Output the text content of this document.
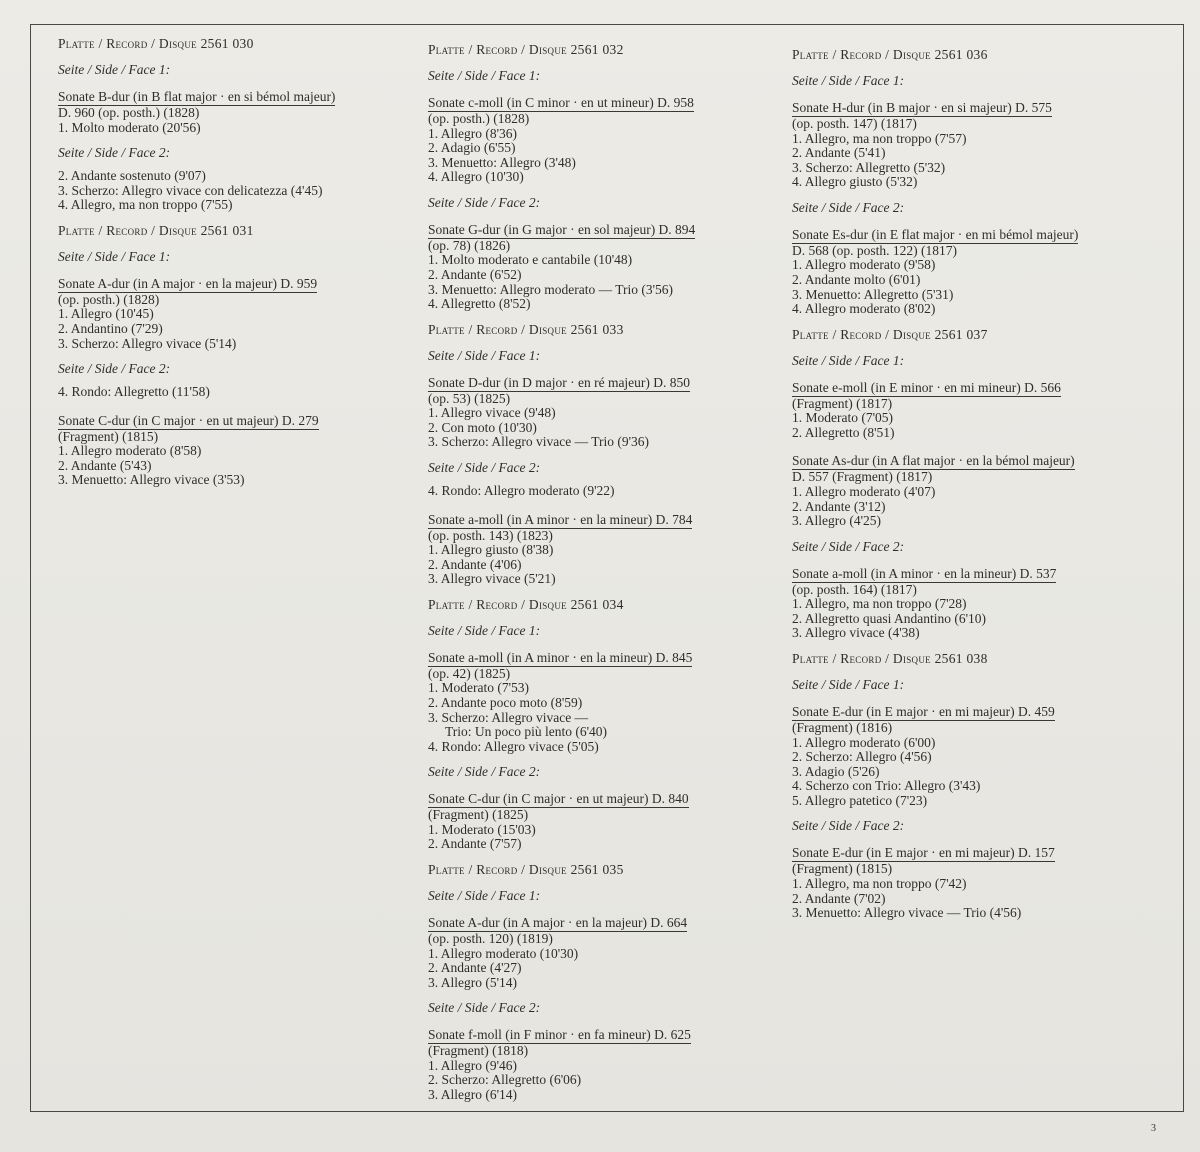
Platte / Record / Disque 2561 030
Seite / Side / Face 1:
Sonate B-dur (in B flat major · en si bémol majeur)
D. 960 (op. posth.) (1828)
1. Molto moderato (20'56)
Seite / Side / Face 2:
2. Andante sostenuto (9'07)
3. Scherzo: Allegro vivace con delicatezza (4'45)
4. Allegro, ma non troppo (7'55)
Platte / Record / Disque 2561 031
Seite / Side / Face 1:
Sonate A-dur (in A major · en la majeur) D. 959
(op. posth.) (1828)
1. Allegro (10'45)
2. Andantino (7'29)
3. Scherzo: Allegro vivace (5'14)
Seite / Side / Face 2:
4. Rondo: Allegretto (11'58)
Sonate C-dur (in C major · en ut majeur) D. 279
(Fragment) (1815)
1. Allegro moderato (8'58)
2. Andante (5'43)
3. Menuetto: Allegro vivace (3'53)
Platte / Record / Disque 2561 032
Seite / Side / Face 1:
Sonate c-moll (in C minor · en ut mineur) D. 958
(op. posth.) (1828)
1. Allegro (8'36)
2. Adagio (6'55)
3. Menuetto: Allegro (3'48)
4. Allegro (10'30)
Seite / Side / Face 2:
Sonate G-dur (in G major · en sol majeur) D. 894
(op. 78) (1826)
1. Molto moderato e cantabile (10'48)
2. Andante (6'52)
3. Menuetto: Allegro moderato — Trio (3'56)
4. Allegretto (8'52)
Platte / Record / Disque 2561 033
Seite / Side / Face 1:
Sonate D-dur (in D major · en ré majeur) D. 850
(op. 53) (1825)
1. Allegro vivace (9'48)
2. Con moto (10'30)
3. Scherzo: Allegro vivace — Trio (9'36)
Seite / Side / Face 2:
4. Rondo: Allegro moderato (9'22)
Sonate a-moll (in A minor · en la mineur) D. 784
(op. posth. 143) (1823)
1. Allegro giusto (8'38)
2. Andante (4'06)
3. Allegro vivace (5'21)
Platte / Record / Disque 2561 034
Seite / Side / Face 1:
Sonate a-moll (in A minor · en la mineur) D. 845
(op. 42) (1825)
1. Moderato (7'53)
2. Andante poco moto (8'59)
3. Scherzo: Allegro vivace —
Trio: Un poco più lento (6'40)
4. Rondo: Allegro vivace (5'05)
Seite / Side / Face 2:
Sonate C-dur (in C major · en ut majeur) D. 840
(Fragment) (1825)
1. Moderato (15'03)
2. Andante (7'57)
Platte / Record / Disque 2561 035
Seite / Side / Face 1:
Sonate A-dur (in A major · en la majeur) D. 664
(op. posth. 120) (1819)
1. Allegro moderato (10'30)
2. Andante (4'27)
3. Allegro (5'14)
Seite / Side / Face 2:
Sonate f-moll (in F minor · en fa mineur) D. 625
(Fragment) (1818)
1. Allegro (9'46)
2. Scherzo: Allegretto (6'06)
3. Allegro (6'14)
Platte / Record / Disque 2561 036
Seite / Side / Face 1:
Sonate H-dur (in B major · en si majeur) D. 575
(op. posth. 147) (1817)
1. Allegro, ma non troppo (7'57)
2. Andante (5'41)
3. Scherzo: Allegretto (5'32)
4. Allegro giusto (5'32)
Seite / Side / Face 2:
Sonate Es-dur (in E flat major · en mi bémol majeur)
D. 568 (op. posth. 122) (1817)
1. Allegro moderato (9'58)
2. Andante molto (6'01)
3. Menuetto: Allegretto (5'31)
4. Allegro moderato (8'02)
Platte / Record / Disque 2561 037
Seite / Side / Face 1:
Sonate e-moll (in E minor · en mi mineur) D. 566
(Fragment) (1817)
1. Moderato (7'05)
2. Allegretto (8'51)
Sonate As-dur (in A flat major · en la bémol majeur)
D. 557 (Fragment) (1817)
1. Allegro moderato (4'07)
2. Andante (3'12)
3. Allegro (4'25)
Seite / Side / Face 2:
Sonate a-moll (in A minor · en la mineur) D. 537
(op. posth. 164) (1817)
1. Allegro, ma non troppo (7'28)
2. Allegretto quasi Andantino (6'10)
3. Allegro vivace (4'38)
Platte / Record / Disque 2561 038
Seite / Side / Face 1:
Sonate E-dur (in E major · en mi majeur) D. 459
(Fragment) (1816)
1. Allegro moderato (6'00)
2. Scherzo: Allegro (4'56)
3. Adagio (5'26)
4. Scherzo con Trio: Allegro (3'43)
5. Allegro patetico (7'23)
Seite / Side / Face 2:
Sonate E-dur (in E major · en mi majeur) D. 157
(Fragment) (1815)
1. Allegro, ma non troppo (7'42)
2. Andante (7'02)
3. Menuetto: Allegro vivace — Trio (4'56)
3
